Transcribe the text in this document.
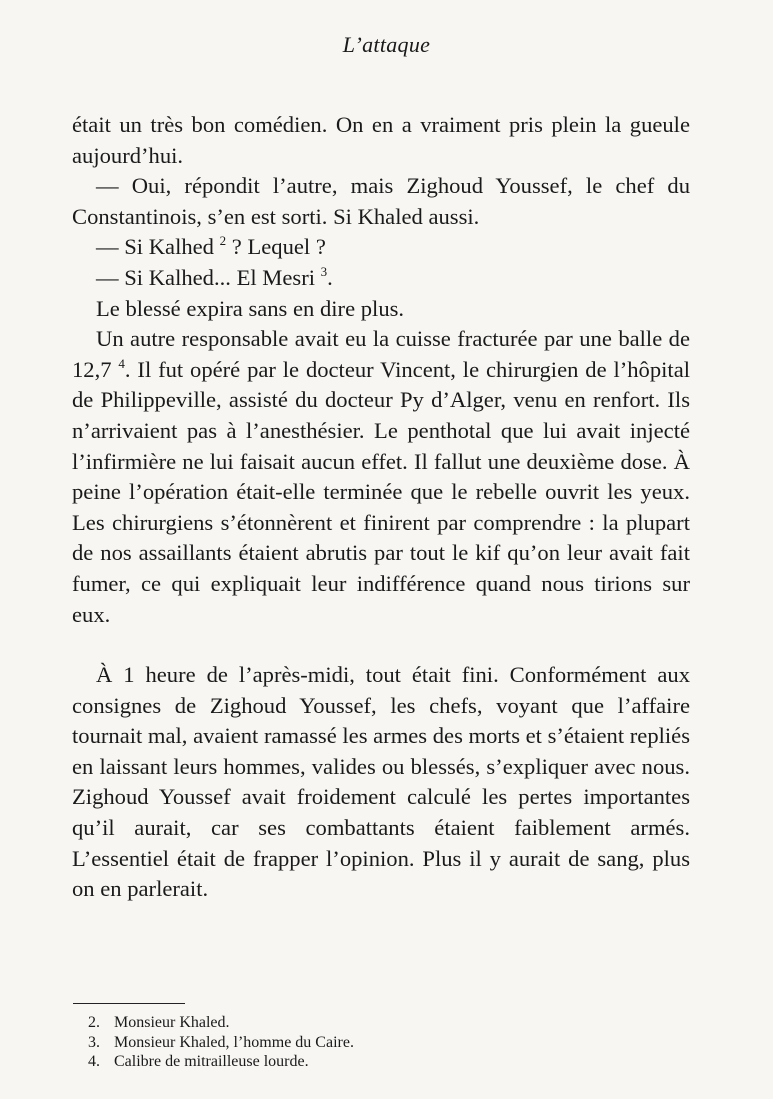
L’attaque

était un très bon comédien. On en a vraiment pris plein la gueule aujourd’hui.

— Oui, répondit l’autre, mais Zighoud Youssef, le chef du Constantinois, s’en est sorti. Si Khaled aussi.

— Si Kalhed $^2$ ? Lequel ?

— Si Kalhed... El Mesri $^3$.

Le blessé expira sans en dire plus.

Un autre responsable avait eu la cuisse fracturée par une balle de 12,7 $^4$. Il fut opéré par le docteur Vincent, le chirurgien de l’hôpital de Philippeville, assisté du docteur Py d’Alger, venu en renfort. Ils n’arrivaient pas à l’anesthésier. Le penthotal que lui avait injecté l’infirmière ne lui faisait aucun effet. Il fallut une deuxième dose. À peine l’opération était-elle terminée que le rebelle ouvrit les yeux. Les chirurgiens s’étonnèrent et finirent par comprendre : la plupart de nos assaillants étaient abrutis par tout le kif qu’on leur avait fait fumer, ce qui expliquait leur indifférence quand nous tirions sur eux.

À 1 heure de l’après-midi, tout était fini. Conformément aux consignes de Zighoud Youssef, les chefs, voyant que l’affaire tournait mal, avaient ramassé les armes des morts et s’étaient repliés en laissant leurs hommes, valides ou blessés, s’expliquer avec nous. Zighoud Youssef avait froidement calculé les pertes importantes qu’il aurait, car ses combattants étaient faiblement armés. L’essentiel était de frapper l’opinion. Plus il y aurait de sang, plus on en parlerait.

2. Monsieur Khaled.
3. Monsieur Khaled, l’homme du Caire.
4. Calibre de mitrailleuse lourde.
